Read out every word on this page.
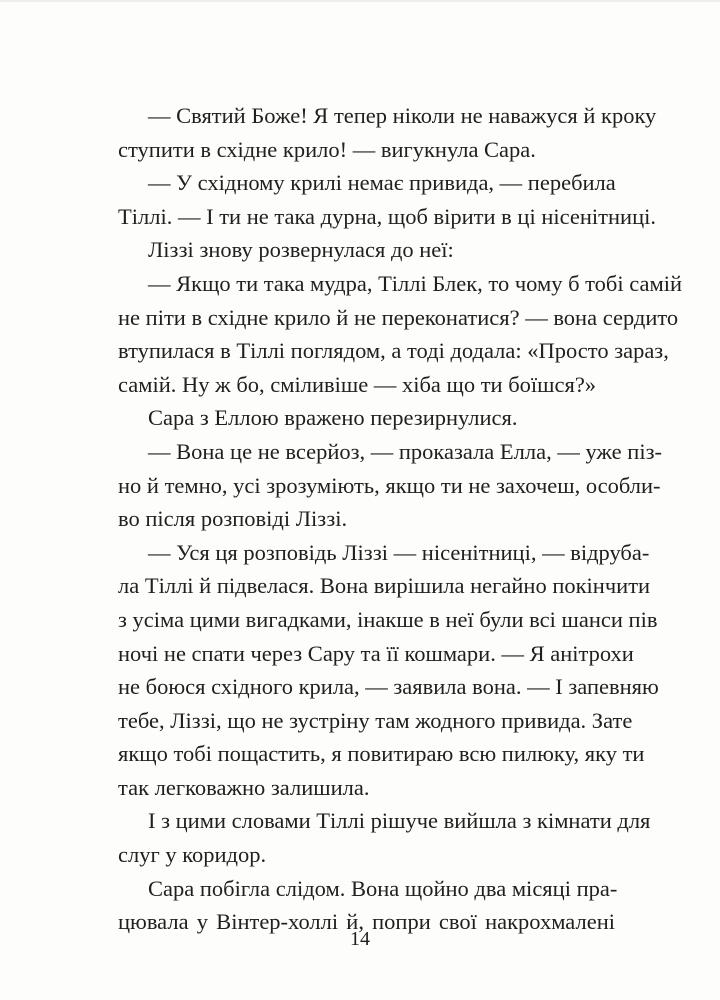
— Святий Боже! Я тепер ніколи не наважуся й кроку
ступити в східне крило! — вигукнула Сара.
— У східному крилі немає привида, — перебила
Тіллі. — І ти не така дурна, щоб вірити в ці нісенітниці.
Ліззі знову розвернулася до неї:
— Якщо ти така мудра, Тіллі Блек, то чому б тобі самій
не піти в східне крило й не переконатися? — вона сердито
втупилася в Тіллі поглядом, а тоді додала: «Просто зараз,
самій. Ну ж бо, сміливіше — хіба що ти боїшся?»
Сара з Еллою вражено перезирнулися.
— Вона це не всерйоз, — проказала Елла, — уже піз-
но й темно, усі зрозуміють, якщо ти не захочеш, особли-
во після розповіді Ліззі.
— Уся ця розповідь Ліззі — нісенітниці, — відруба-
ла Тіллі й підвелася. Вона вирішила негайно покінчити
з усіма цими вигадками, інакше в неї були всі шанси пів
ночі не спати через Сару та її кошмари. — Я анітрохи
не боюся східного крила, — заявила вона. — І запевняю
тебе, Ліззі, що не зустріну там жодного привида. Зате
якщо тобі пощастить, я повитираю всю пилюку, яку ти
так легковажно залишила.
І з цими словами Тіллі рішуче вийшла з кімнати для
слуг у коридор.
Сара побігла слідом. Вона щойно два місяці пра-
цювала у Вінтер-холлі й, попри свої накрохмалені
14
